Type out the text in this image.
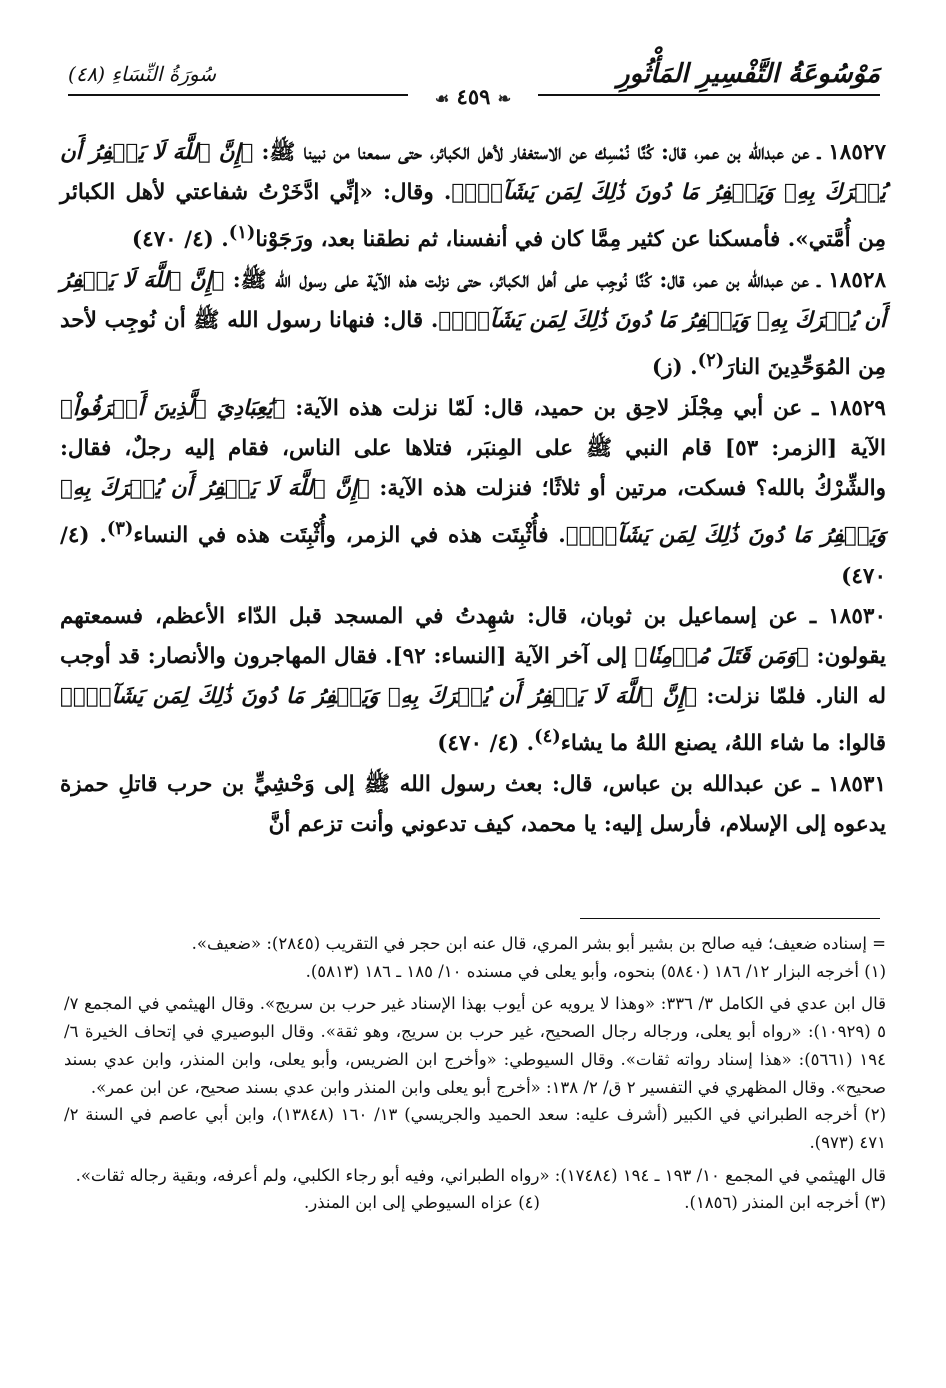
مَوْسُوعَةُ التَّفْسِيرِ المَأْثُورِ
سُورَةُ النِّسَاءِ (٤٨)
❧ ٤٥٩ ☙

١٨٥٢٧ ـ عن عبدالله بن عمر، قال: كُنَّا نُمْسِك عن الاستغفار لأهل الكبائر، حتى سمعنا من نبينا ﷺ: ﴿إِنَّ ٱللَّهَ لَا يَغۡفِرُ أَن يُشۡرَكَ بِهِۦ وَيَغۡفِرُ مَا دُونَ ذَٰلِكَ لِمَن يَشَآءُۚ﴾. وقال: «إنِّي ادَّخَرْتُ شفاعتي لأهل الكبائر مِن أُمَّتي». فأمسكنا عن كثير مِمَّا كان في أنفسنا، ثم نطقنا بعد، ورَجَوْنا$^{(١)}$. (٤/ ٤٧٠)

١٨٥٢٨ ـ عن عبدالله بن عمر، قال: كُنَّا نُوجِب على أهل الكبائر، حتى نزلت هذه الآية على رسول الله ﷺ: ﴿إِنَّ ٱللَّهَ لَا يَغۡفِرُ أَن يُشۡرَكَ بِهِۦ وَيَغۡفِرُ مَا دُونَ ذَٰلِكَ لِمَن يَشَآءُۚ﴾. قال: فنهانا رسول الله ﷺ أن نُوجِب لأحد مِن المُوَحِّدِينَ النارَ$^{(٢)}$. (ز)

١٨٥٢٩ ـ عن أبي مِجْلَز لاحِق بن حميد، قال: لَمّا نزلت هذه الآية: ﴿يَٰعِبَادِيَ ٱلَّذِينَ أَسۡرَفُواْ﴾ الآية [الزمر: ٥٣] قام النبي ﷺ على المِنبَر، فتلاها على الناس، فقام إليه رجلٌ، فقال: والشِّرْكُ بالله؟ فسكت، مرتين أو ثلاثًا؛ فنزلت هذه الآية: ﴿إِنَّ ٱللَّهَ لَا يَغۡفِرُ أَن يُشۡرَكَ بِهِۦ وَيَغۡفِرُ مَا دُونَ ذَٰلِكَ لِمَن يَشَآءُۚ﴾. فأُثْبِتَت هذه في الزمر، وأُثْبِتَت هذه في النساء$^{(٣)}$. (٤/ ٤٧٠)

١٨٥٣٠ ـ عن إسماعيل بن ثوبان، قال: شهِدتُ في المسجد قبل الدّاء الأعظم، فسمعتهم يقولون: ﴿وَمَن قَتَلَ مُؤۡمِنٗا﴾ إلى آخر الآية [النساء: ٩٢]. فقال المهاجرون والأنصار: قد أوجب له النار. فلمّا نزلت: ﴿إِنَّ ٱللَّهَ لَا يَغۡفِرُ أَن يُشۡرَكَ بِهِۦ وَيَغۡفِرُ مَا دُونَ ذَٰلِكَ لِمَن يَشَآءُۚ﴾ قالوا: ما شاء اللهُ، يصنع اللهُ ما يشاء$^{(٤)}$. (٤/ ٤٧٠)

١٨٥٣١ ـ عن عبدالله بن عباس، قال: بعث رسول الله ﷺ إلى وَحْشِيٍّ بن حرب قاتلِ حمزة يدعوه إلى الإسلام، فأرسل إليه: يا محمد، كيف تدعوني وأنت تزعم أنَّ

= إسناده ضعيف؛ فيه صالح بن بشير أبو بشر المري، قال عنه ابن حجر في التقريب (٢٨٤٥): «ضعيف».

(١) أخرجه البزار ١٢/ ١٨٦ (٥٨٤٠) بنحوه، وأبو يعلى في مسنده ١٠/ ١٨٥ ـ ١٨٦ (٥٨١٣).

قال ابن عدي في الكامل ٣/ ٣٣٦: «وهذا لا يرويه عن أيوب بهذا الإسناد غير حرب بن سريج». وقال الهيثمي في المجمع ٧/ ٥ (١٠٩٢٩): «رواه أبو يعلى، ورجاله رجال الصحيح، غير حرب بن سريج، وهو ثقة». وقال البوصيري في إتحاف الخيرة ٦/ ١٩٤ (٥٦٦١): «هذا إسناد رواته ثقات». وقال السيوطي: «وأخرج ابن الضريس، وأبو يعلى، وابن المنذر، وابن عدي بسند صحيح». وقال المظهري في التفسير ٢ ق/ ٢/ ١٣٨: «أخرج أبو يعلى وابن المنذر وابن عدي بسند صحيح، عن ابن عمر».

(٢) أخرجه الطبراني في الكبير (أشرف عليه: سعد الحميد والجريسي) ١٣/ ١٦٠ (١٣٨٤٨)، وابن أبي عاصم في السنة ٢/ ٤٧١ (٩٧٣).

قال الهيثمي في المجمع ١٠/ ١٩٣ ـ ١٩٤ (١٧٤٨٤): «رواه الطبراني، وفيه أبو رجاء الكلبي، ولم أعرفه، وبقية رجاله ثقات».

(٣) أخرجه ابن المنذر (١٨٥٦).
(٤) عزاه السيوطي إلى ابن المنذر.
